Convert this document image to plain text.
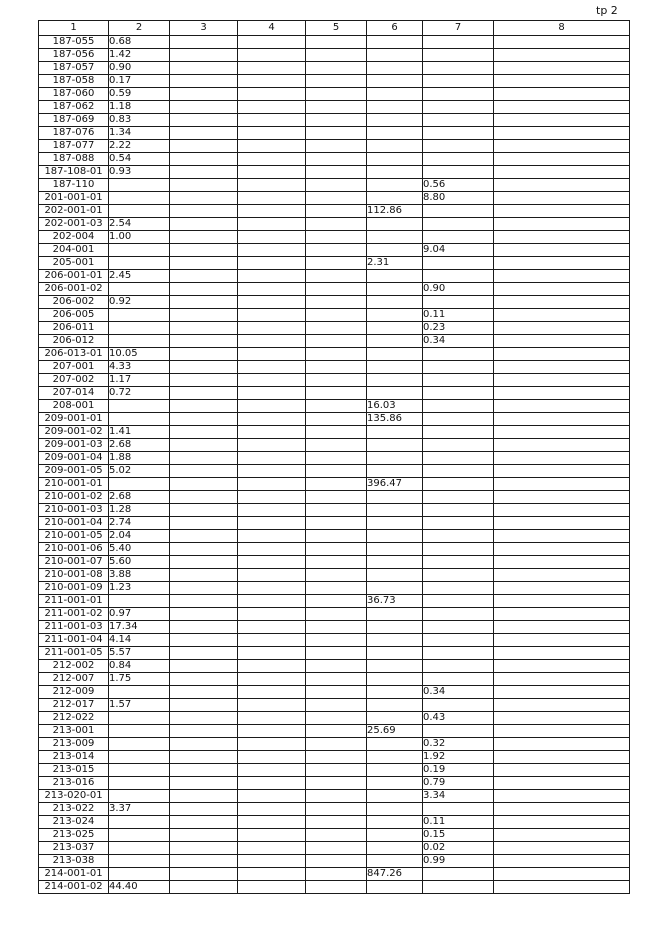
tp 2
1	2	3	4	5	6	7	8
187-055	0.68						
187-056	1.42						
187-057	0.90						
187-058	0.17						
187-060	0.59						
187-062	1.18						
187-069	0.83						
187-076	1.34						
187-077	2.22						
187-088	0.54						
187-108-01	0.93						
187-110						0.56	
201-001-01						8.80	
202-001-01					112.86		
202-001-03	2.54						
202-004	1.00						
204-001						9.04	
205-001					2.31		
206-001-01	2.45						
206-001-02						0.90	
206-002	0.92						
206-005						0.11	
206-011						0.23	
206-012						0.34	
206-013-01	10.05						
207-001	4.33						
207-002	1.17						
207-014	0.72						
208-001					16.03		
209-001-01					135.86		
209-001-02	1.41						
209-001-03	2.68						
209-001-04	1.88						
209-001-05	5.02						
210-001-01					396.47		
210-001-02	2.68						
210-001-03	1.28						
210-001-04	2.74						
210-001-05	2.04						
210-001-06	5.40						
210-001-07	5.60						
210-001-08	3.88						
210-001-09	1.23						
211-001-01					36.73		
211-001-02	0.97						
211-001-03	17.34						
211-001-04	4.14						
211-001-05	5.57						
212-002	0.84						
212-007	1.75						
212-009						0.34	
212-017	1.57						
212-022						0.43	
213-001					25.69		
213-009						0.32	
213-014						1.92	
213-015						0.19	
213-016						0.79	
213-020-01						3.34	
213-022	3.37						
213-024						0.11	
213-025						0.15	
213-037						0.02	
213-038						0.99	
214-001-01					847.26		
214-001-02	44.40						
